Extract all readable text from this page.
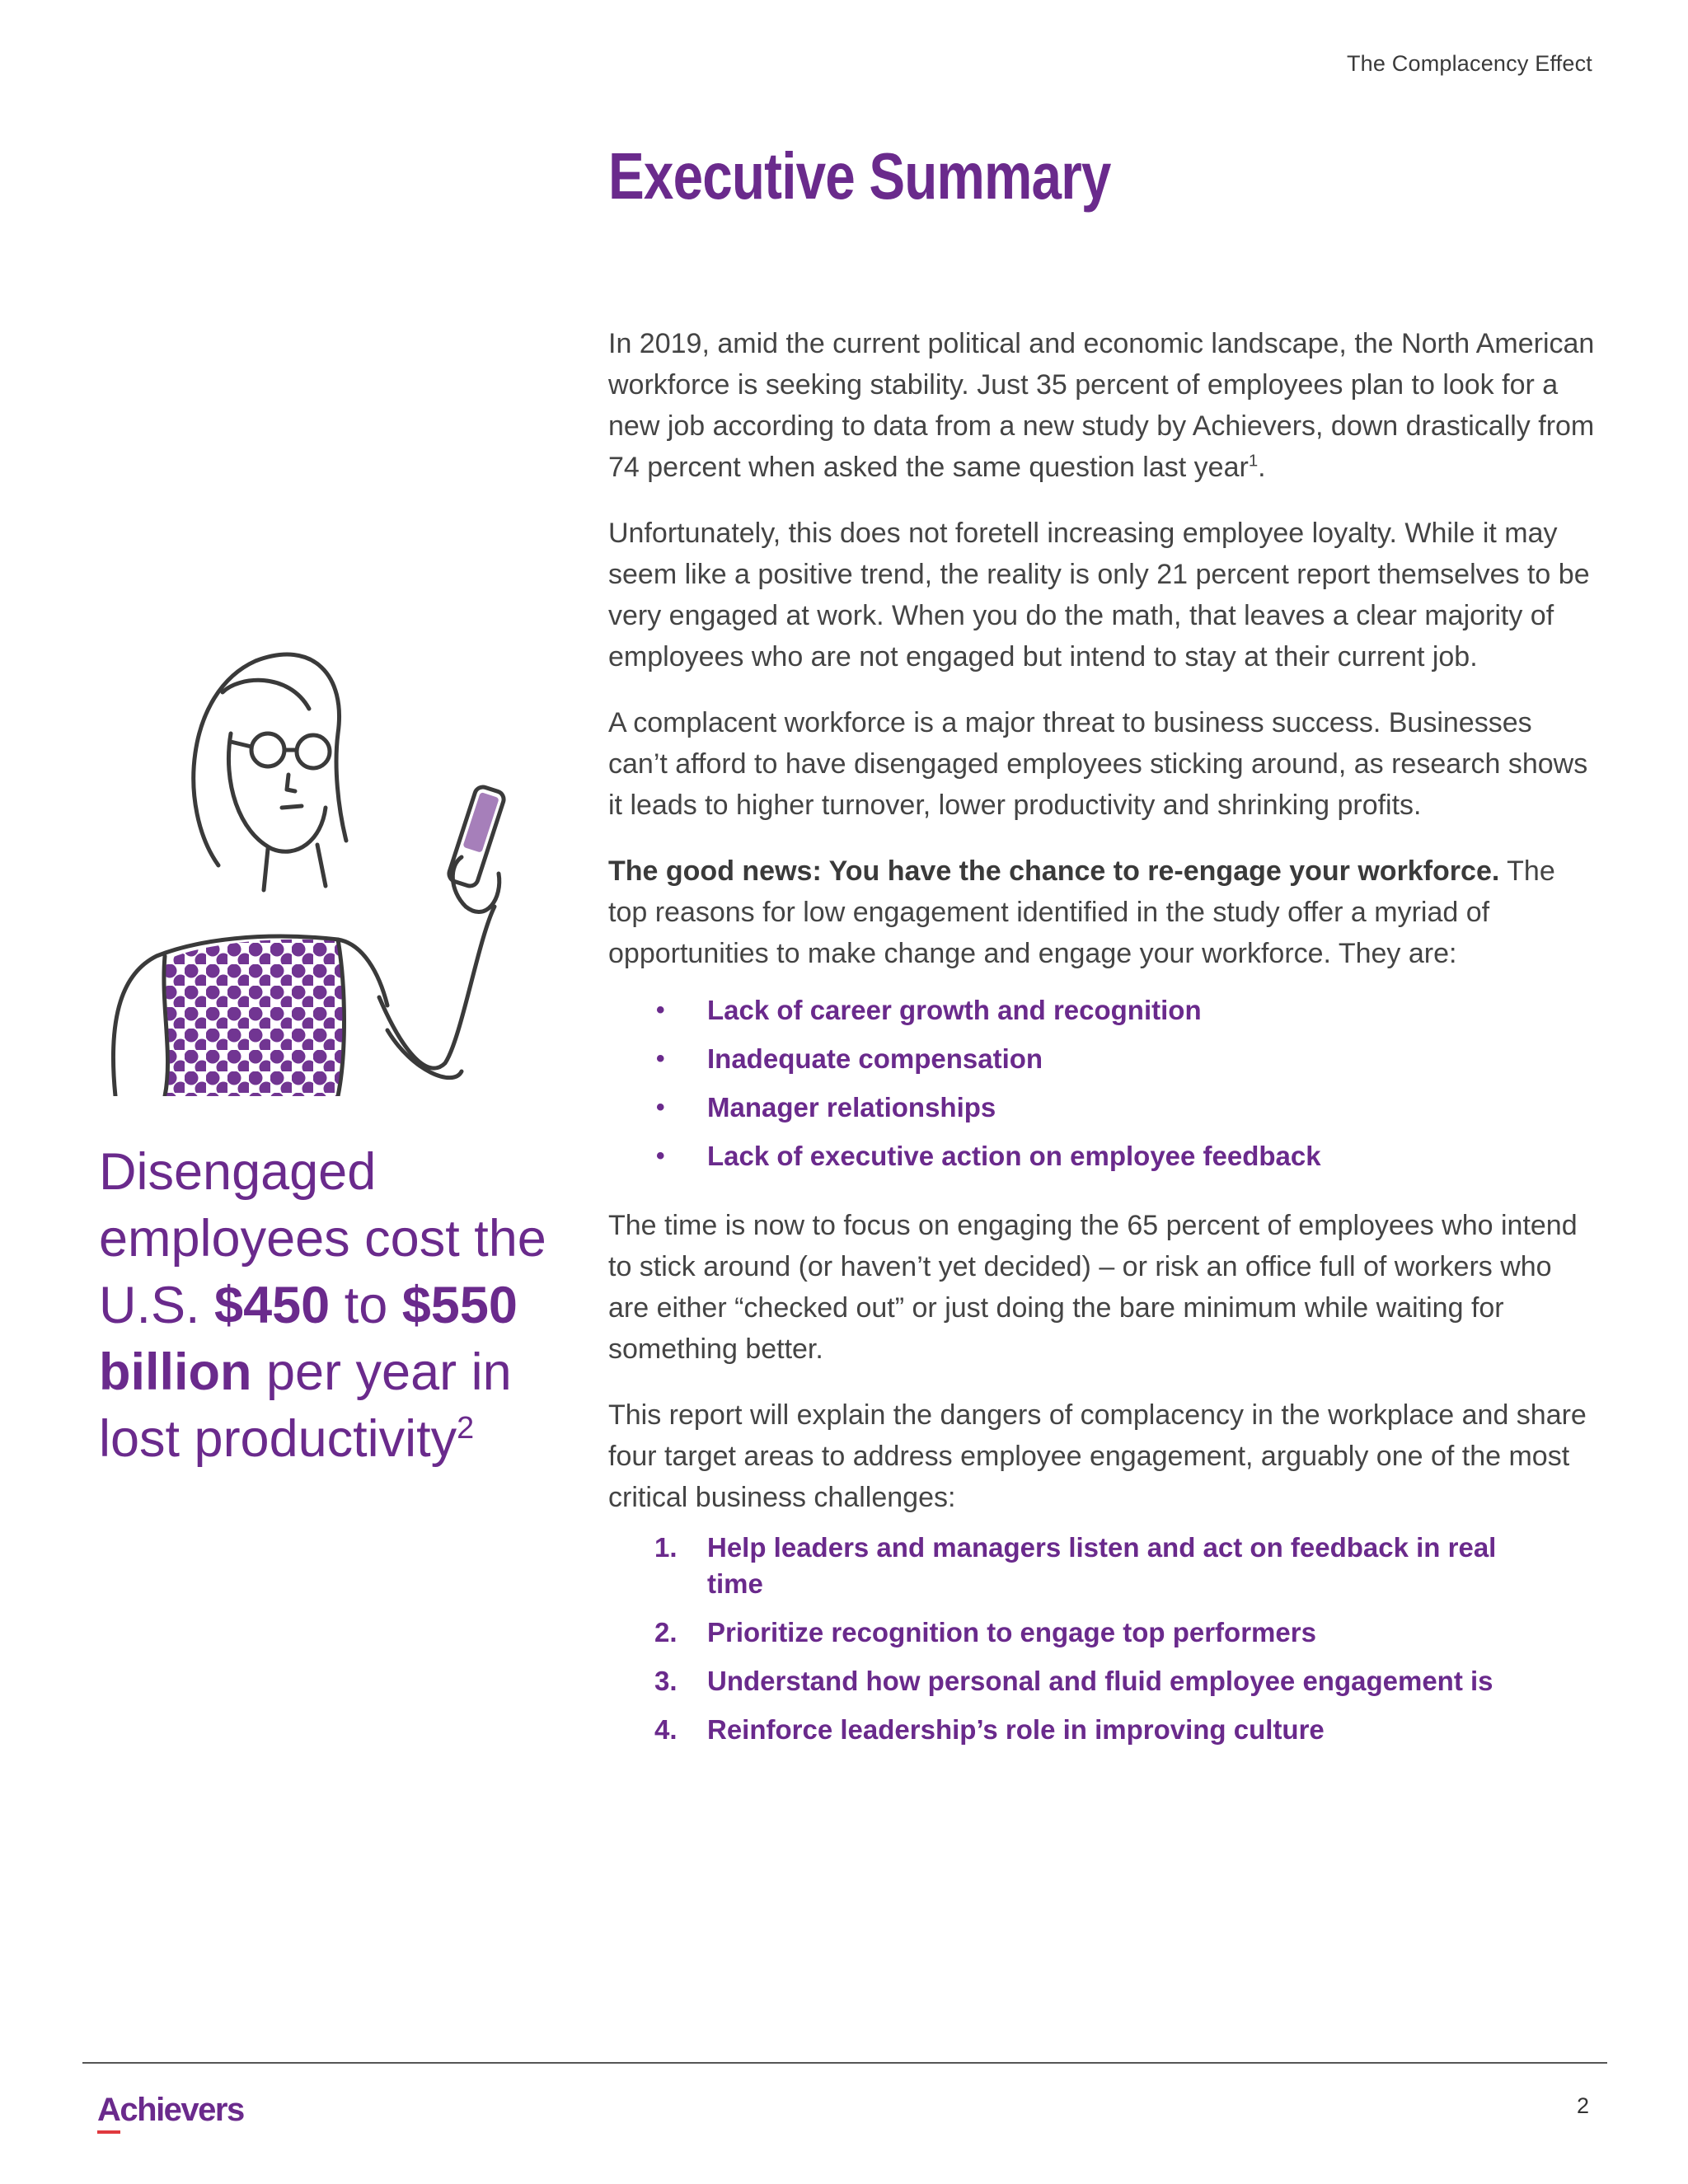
The Complacency Effect
Executive Summary
Disengaged employees cost the U.S. $450 to $550 billion per year in lost productivity$^2$

In 2019, amid the current political and economic landscape, the North American workforce is seeking stability. Just 35 percent of employees plan to look for a new job according to data from a new study by Achievers, down drastically from 74 percent when asked the same question last year$^1$.

Unfortunately, this does not foretell increasing employee loyalty. While it may seem like a positive trend, the reality is only 21 percent report themselves to be very engaged at work. When you do the math, that leaves a clear majority of employees who are not engaged but intend to stay at their current job.

A complacent workforce is a major threat to business success. Businesses can’t afford to have disengaged employees sticking around, as research shows it leads to higher turnover, lower productivity and shrinking profits.

The good news: You have the chance to re-engage your workforce. The top reasons for low engagement identified in the study offer a myriad of opportunities to make change and engage your workforce. They are:

• Lack of career growth and recognition
• Inadequate compensation
• Manager relationships
• Lack of executive action on employee feedback

The time is now to focus on engaging the 65 percent of employees who intend to stick around (or haven’t yet decided) – or risk an office full of workers who are either “checked out” or just doing the bare minimum while waiting for something better.

This report will explain the dangers of complacency in the workplace and share four target areas to address employee engagement, arguably one of the most critical business challenges:

1. Help leaders and managers listen and act on feedback in real time
2. Prioritize recognition to engage top performers
3. Understand how personal and fluid employee engagement is
4. Reinforce leadership’s role in improving culture
Achievers	2
